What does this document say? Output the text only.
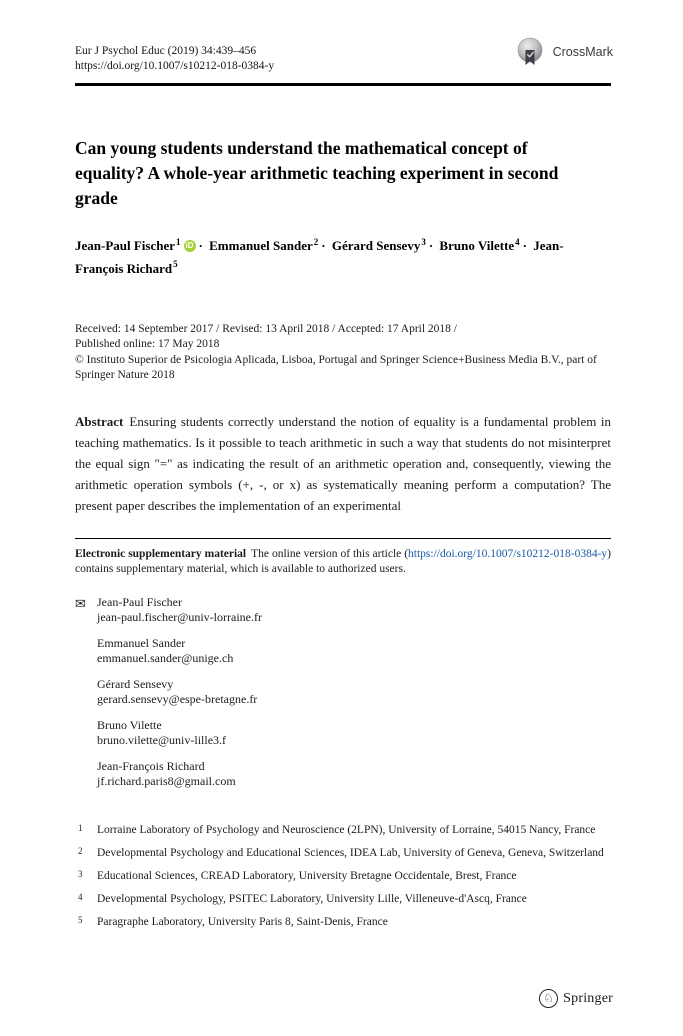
Eur J Psychol Educ (2019) 34:439–456
https://doi.org/10.1007/s10212-018-0384-y
CrossMark
Can young students understand the mathematical concept of equality? A whole-year arithmetic teaching experiment in second grade

Jean-Paul Fischer$^1$ iD · Emmanuel Sander$^2$ · Gérard Sensevy$^3$ · Bruno Vilette$^4$ · Jean-François Richard$^5$

Received: 14 September 2017 / Revised: 13 April 2018 / Accepted: 17 April 2018 /
Published online: 17 May 2018
© Instituto Superior de Psicologia Aplicada, Lisboa, Portugal and Springer Science+Business Media B.V., part of Springer Nature 2018

Abstract Ensuring students correctly understand the notion of equality is a fundamental problem in teaching mathematics. Is it possible to teach arithmetic in such a way that students do not misinterpret the equal sign "=" as indicating the result of an arithmetic operation and, consequently, viewing the arithmetic operation symbols (+, -, or x) as systematically meaning perform a computation? The present paper describes the implementation of an experimental

Electronic supplementary material The online version of this article (https://doi.org/10.1007/s10212-018-0384-y) contains supplementary material, which is available to authorized users.

✉ Jean-Paul Fischer
jean-paul.fischer@univ-lorraine.fr
Emmanuel Sander
emmanuel.sander@unige.ch
Gérard Sensevy
gerard.sensevy@espe-bretagne.fr
Bruno Vilette
bruno.vilette@univ-lille3.f
Jean-François Richard
jf.richard.paris8@gmail.com
1 Lorraine Laboratory of Psychology and Neuroscience (2LPN), University of Lorraine, 54015 Nancy, France
2 Developmental Psychology and Educational Sciences, IDEA Lab, University of Geneva, Geneva, Switzerland
3 Educational Sciences, CREAD Laboratory, University Bretagne Occidentale, Brest, France
4 Developmental Psychology, PSITEC Laboratory, University Lille, Villeneuve-d'Ascq, France
5 Paragraphe Laboratory, University Paris 8, Saint-Denis, France
♘ Springer
